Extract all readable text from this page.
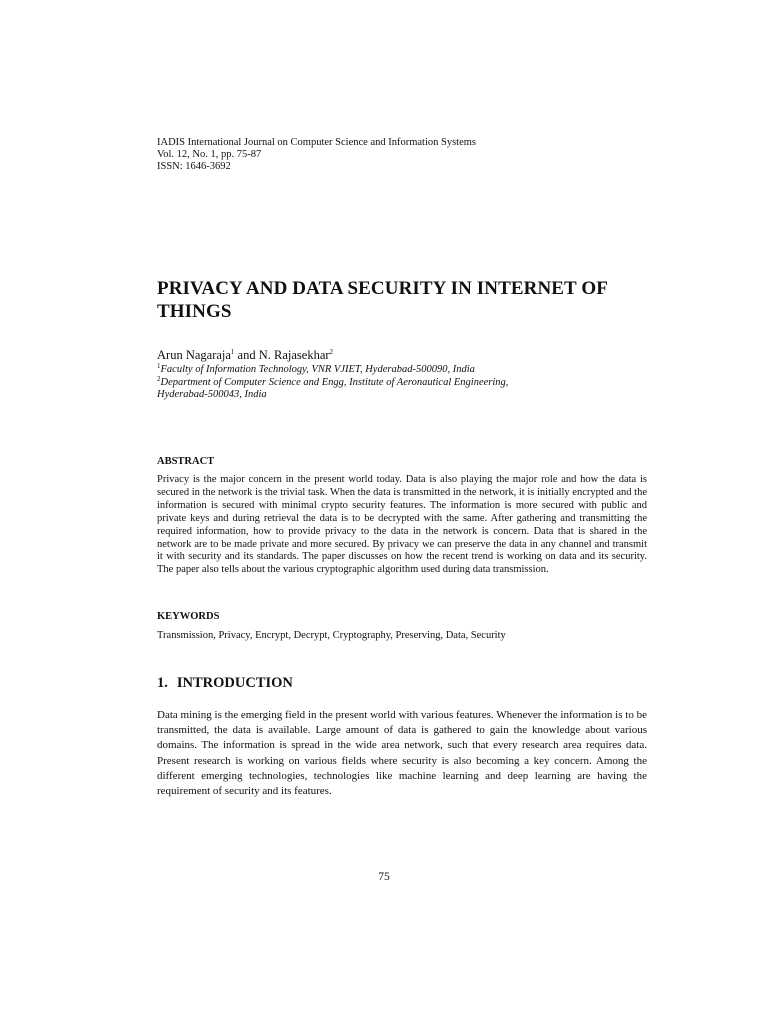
IADIS International Journal on Computer Science and Information Systems
Vol. 12, No. 1, pp. 75-87
ISSN: 1646-3692
PRIVACY AND DATA SECURITY IN INTERNET OF THINGS
Arun Nagaraja$^1$ and N. Rajasekhar$^2$
$^1$Faculty of Information Technology, VNR VJIET, Hyderabad-500090, India
$^2$Department of Computer Science and Engg, Institute of Aeronautical Engineering,
Hyderabad-500043, India
ABSTRACT
Privacy is the major concern in the present world today. Data is also playing the major role and how the data is secured in the network is the trivial task. When the data is transmitted in the network, it is initially encrypted and the information is secured with minimal crypto security features. The information is more secured with public and private keys and during retrieval the data is to be decrypted with the same. After gathering and transmitting the required information, how to provide privacy to the data in the network is concern. Data that is shared in the network are to be made private and more secured. By privacy we can preserve the data in any channel and transmit it with security and its standards. The paper discusses on how the recent trend is working on data and its security. The paper also tells about the various cryptographic algorithm used during data transmission.
KEYWORDS
Transmission, Privacy, Encrypt, Decrypt, Cryptography, Preserving, Data, Security
1. INTRODUCTION
Data mining is the emerging field in the present world with various features. Whenever the information is to be transmitted, the data is available. Large amount of data is gathered to gain the knowledge about various domains. The information is spread in the wide area network, such that every research area requires data. Present research is working on various fields where security is also becoming a key concern. Among the different emerging technologies, technologies like machine learning and deep learning are having the requirement of security and its features.
75
